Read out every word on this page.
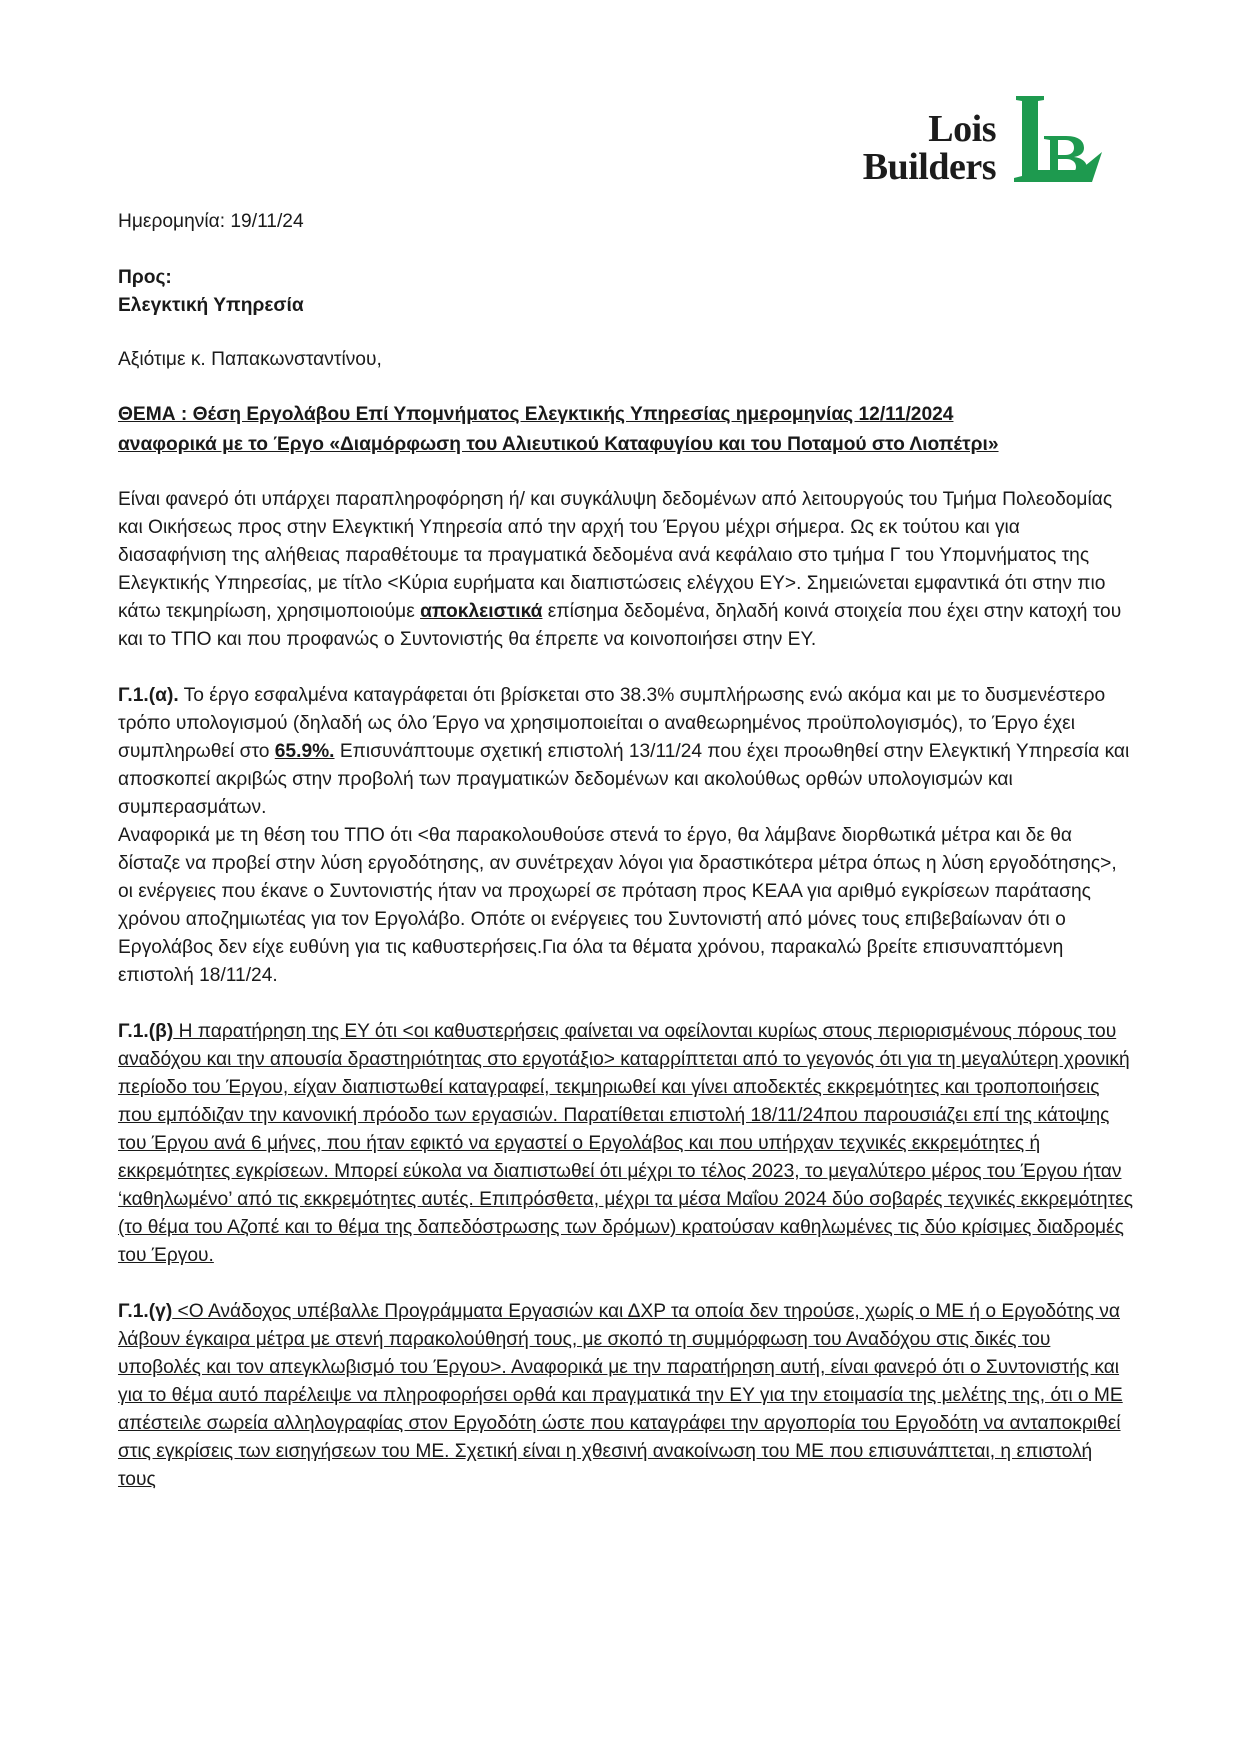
Lois
Builders

Ημερομηνία: 19/11/24

Προς:

Ελεγκτική Υπηρεσία

Αξιότιμε κ. Παπακωνσταντίνου,

ΘΕΜΑ : Θέση Εργολάβου Επί Υπομνήματος Ελεγκτικής Υπηρεσίας ημερομηνίας 12/11/2024
αναφορικά με το Έργο «Διαμόρφωση του Αλιευτικού Καταφυγίου και του Ποταμού στο Λιοπέτρι»

Είναι φανερό ότι υπάρχει παραπληροφόρηση ή/ και συγκάλυψη δεδομένων από λειτουργούς του Τμήμα Πολεοδομίας και Οικήσεως προς στην Ελεγκτική Υπηρεσία από την αρχή του Έργου μέχρι σήμερα. Ως εκ τούτου και για διασαφήνιση της αλήθειας παραθέτουμε τα πραγματικά δεδομένα ανά κεφάλαιο στο τμήμα Γ του Υπομνήματος της Ελεγκτικής Υπηρεσίας, με τίτλο <Κύρια ευρήματα και διαπιστώσεις ελέγχου ΕΥ>. Σημειώνεται εμφαντικά ότι στην πιο κάτω τεκμηρίωση, χρησιμοποιούμε αποκλειστικά επίσημα δεδομένα, δηλαδή κοινά στοιχεία που έχει στην κατοχή του και το ΤΠΟ και που προφανώς ο Συντονιστής θα έπρεπε να κοινοποιήσει στην ΕΥ.

Γ.1.(α). Το έργο εσφαλμένα καταγράφεται ότι βρίσκεται στο 38.3% συμπλήρωσης ενώ ακόμα και με το δυσμενέστερο τρόπο υπολογισμού (δηλαδή ως όλο Έργο να χρησιμοποιείται ο αναθεωρημένος προϋπολογισμός), το Έργο έχει συμπληρωθεί στο 65.9%. Επισυνάπτουμε σχετική επιστολή 13/11/24 που έχει προωθηθεί στην Ελεγκτική Υπηρεσία και αποσκοπεί ακριβώς στην προβολή των πραγματικών δεδομένων και ακολούθως ορθών υπολογισμών και συμπερασμάτων.

Αναφορικά με τη θέση του ΤΠΟ ότι <θα παρακολουθούσε στενά το έργο, θα λάμβανε διορθωτικά μέτρα και δε θα δίσταζε να προβεί στην λύση εργοδότησης, αν συνέτρεχαν λόγοι για δραστικότερα μέτρα όπως η λύση εργοδότησης>, οι ενέργειες που έκανε ο Συντονιστής ήταν να προχωρεί σε πρόταση προς ΚΕΑΑ για αριθμό εγκρίσεων παράτασης χρόνου αποζημιωτέας για τον Εργολάβο. Οπότε οι ενέργειες του Συντονιστή από μόνες τους επιβεβαίωναν ότι ο Εργολάβος δεν είχε ευθύνη για τις καθυστερήσεις.Για όλα τα θέματα χρόνου, παρακαλώ βρείτε επισυναπτόμενη επιστολή 18/11/24.

Γ.1.(β) Η παρατήρηση της ΕΥ ότι <οι καθυστερήσεις φαίνεται να οφείλονται κυρίως στους περιορισμένους πόρους του αναδόχου και την απουσία δραστηριότητας στο εργοτάξιο> καταρρίπτεται από το γεγονός ότι για τη μεγαλύτερη χρονική περίοδο του Έργου, είχαν διαπιστωθεί καταγραφεί, τεκμηριωθεί και γίνει αποδεκτές εκκρεμότητες και τροποποιήσεις που εμπόδιζαν την κανονική πρόοδο των εργασιών. Παρατίθεται επιστολή 18/11/24που παρουσιάζει επί της κάτοψης του Έργου ανά 6 μήνες, που ήταν εφικτό να εργαστεί ο Εργολάβος και που υπήρχαν τεχνικές εκκρεμότητες ή εκκρεμότητες εγκρίσεων. Μπορεί εύκολα να διαπιστωθεί ότι μέχρι το τέλος 2023, το μεγαλύτερο μέρος του Έργου ήταν ‘καθηλωμένο’ από τις εκκρεμότητες αυτές. Επιπρόσθετα, μέχρι τα μέσα Μαΐου 2024 δύο σοβαρές τεχνικές εκκρεμότητες (το θέμα του Αζοπέ και το θέμα της δαπεδόστρωσης των δρόμων) κρατούσαν καθηλωμένες τις δύο κρίσιμες διαδρομές του Έργου.

Γ.1.(γ) <Ο Ανάδοχος υπέβαλλε Προγράμματα Εργασιών και ΔΧΡ τα οποία δεν τηρούσε, χωρίς ο ΜΕ ή ο Εργοδότης να λάβουν έγκαιρα μέτρα με στενή παρακολούθησή τους, με σκοπό τη συμμόρφωση του Αναδόχου στις δικές του υποβολές και τον απεγκλωβισμό του Έργου>. Αναφορικά με την παρατήρηση αυτή, είναι φανερό ότι ο Συντονιστής και για το θέμα αυτό παρέλειψε να πληροφορήσει ορθά και πραγματικά την ΕΥ για την ετοιμασία της μελέτης της, ότι ο ΜΕ απέστειλε σωρεία αλληλογραφίας στον Εργοδότη ώστε που καταγράφει την αργοπορία του Εργοδότη να ανταποκριθεί στις εγκρίσεις των εισηγήσεων του ΜΕ. Σχετική είναι η χθεσινή ανακοίνωση του ΜΕ που επισυνάπτεται, η επιστολή τους
